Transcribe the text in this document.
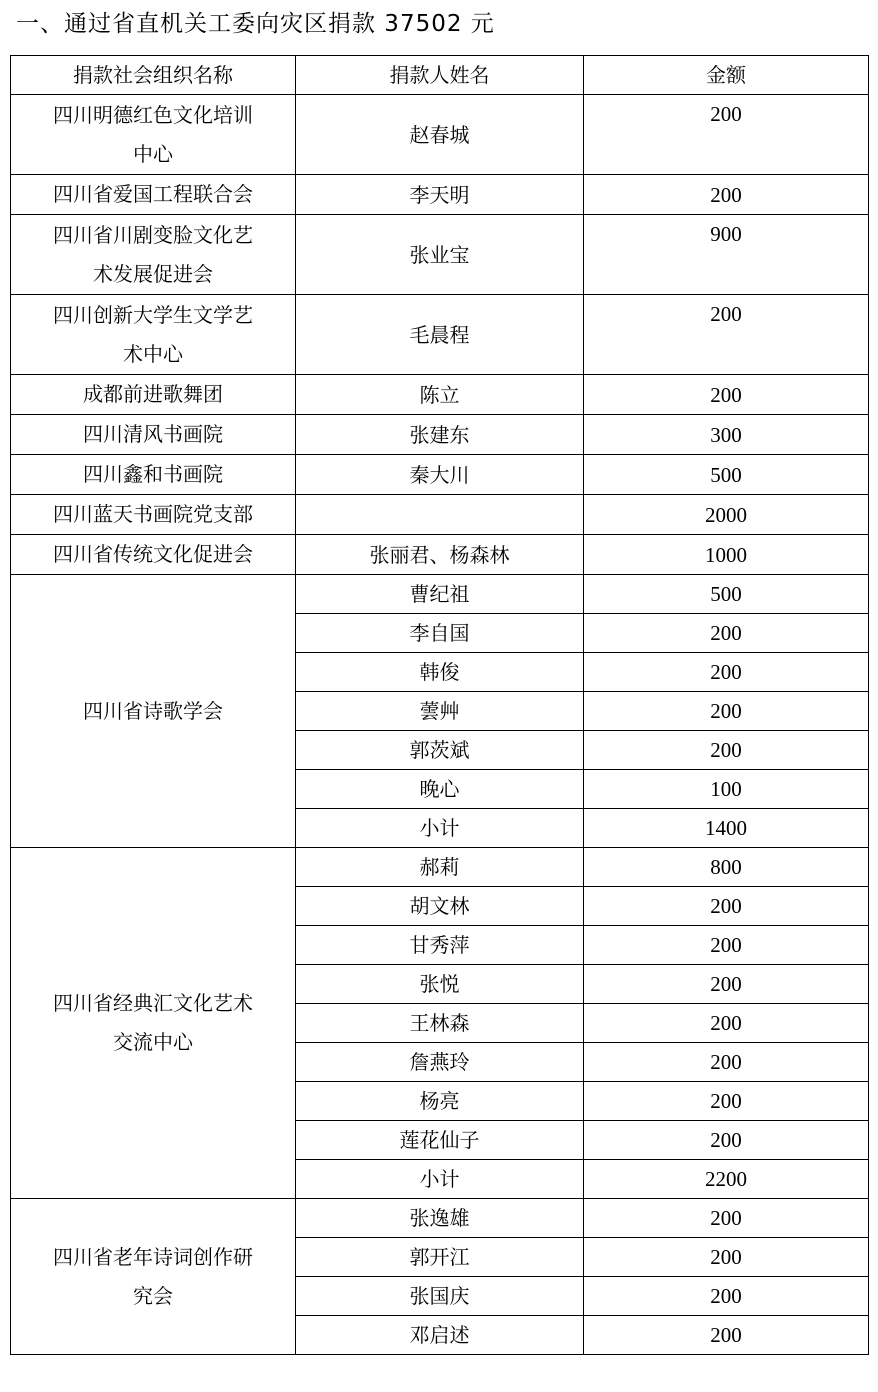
一、通过省直机关工委向灾区捐款 37502 元
捐款社会组织名称	捐款人姓名	金额

四川明德红色文化培训
中心	赵春城	200

四川省爱国工程联合会	李天明	200

四川省川剧变脸文化艺
术发展促进会	张业宝	900

四川创新大学生文学艺
术中心	毛晨程	200

成都前进歌舞团	陈立	200

四川清风书画院	张建东	300

四川鑫和书画院	秦大川	500

四川蓝天书画院党支部		2000

四川省传统文化促进会	张丽君、杨森林	1000

四川省诗歌学会	曹纪祖	500
	李自国	200
	韩俊	200
	蕓艸	200
	郭茨斌	200
	晚心	100
	小计	1400

四川省经典汇文化艺术
交流中心	郝莉	800
	胡文林	200
	甘秀萍	200
	张悦	200
	王林森	200
	詹燕玲	200
	杨亮	200
	莲花仙子	200
	小计	2200

四川省老年诗词创作研
究会	张逸雄	200
	郭开江	200
	张国庆	200
	邓启述	200
